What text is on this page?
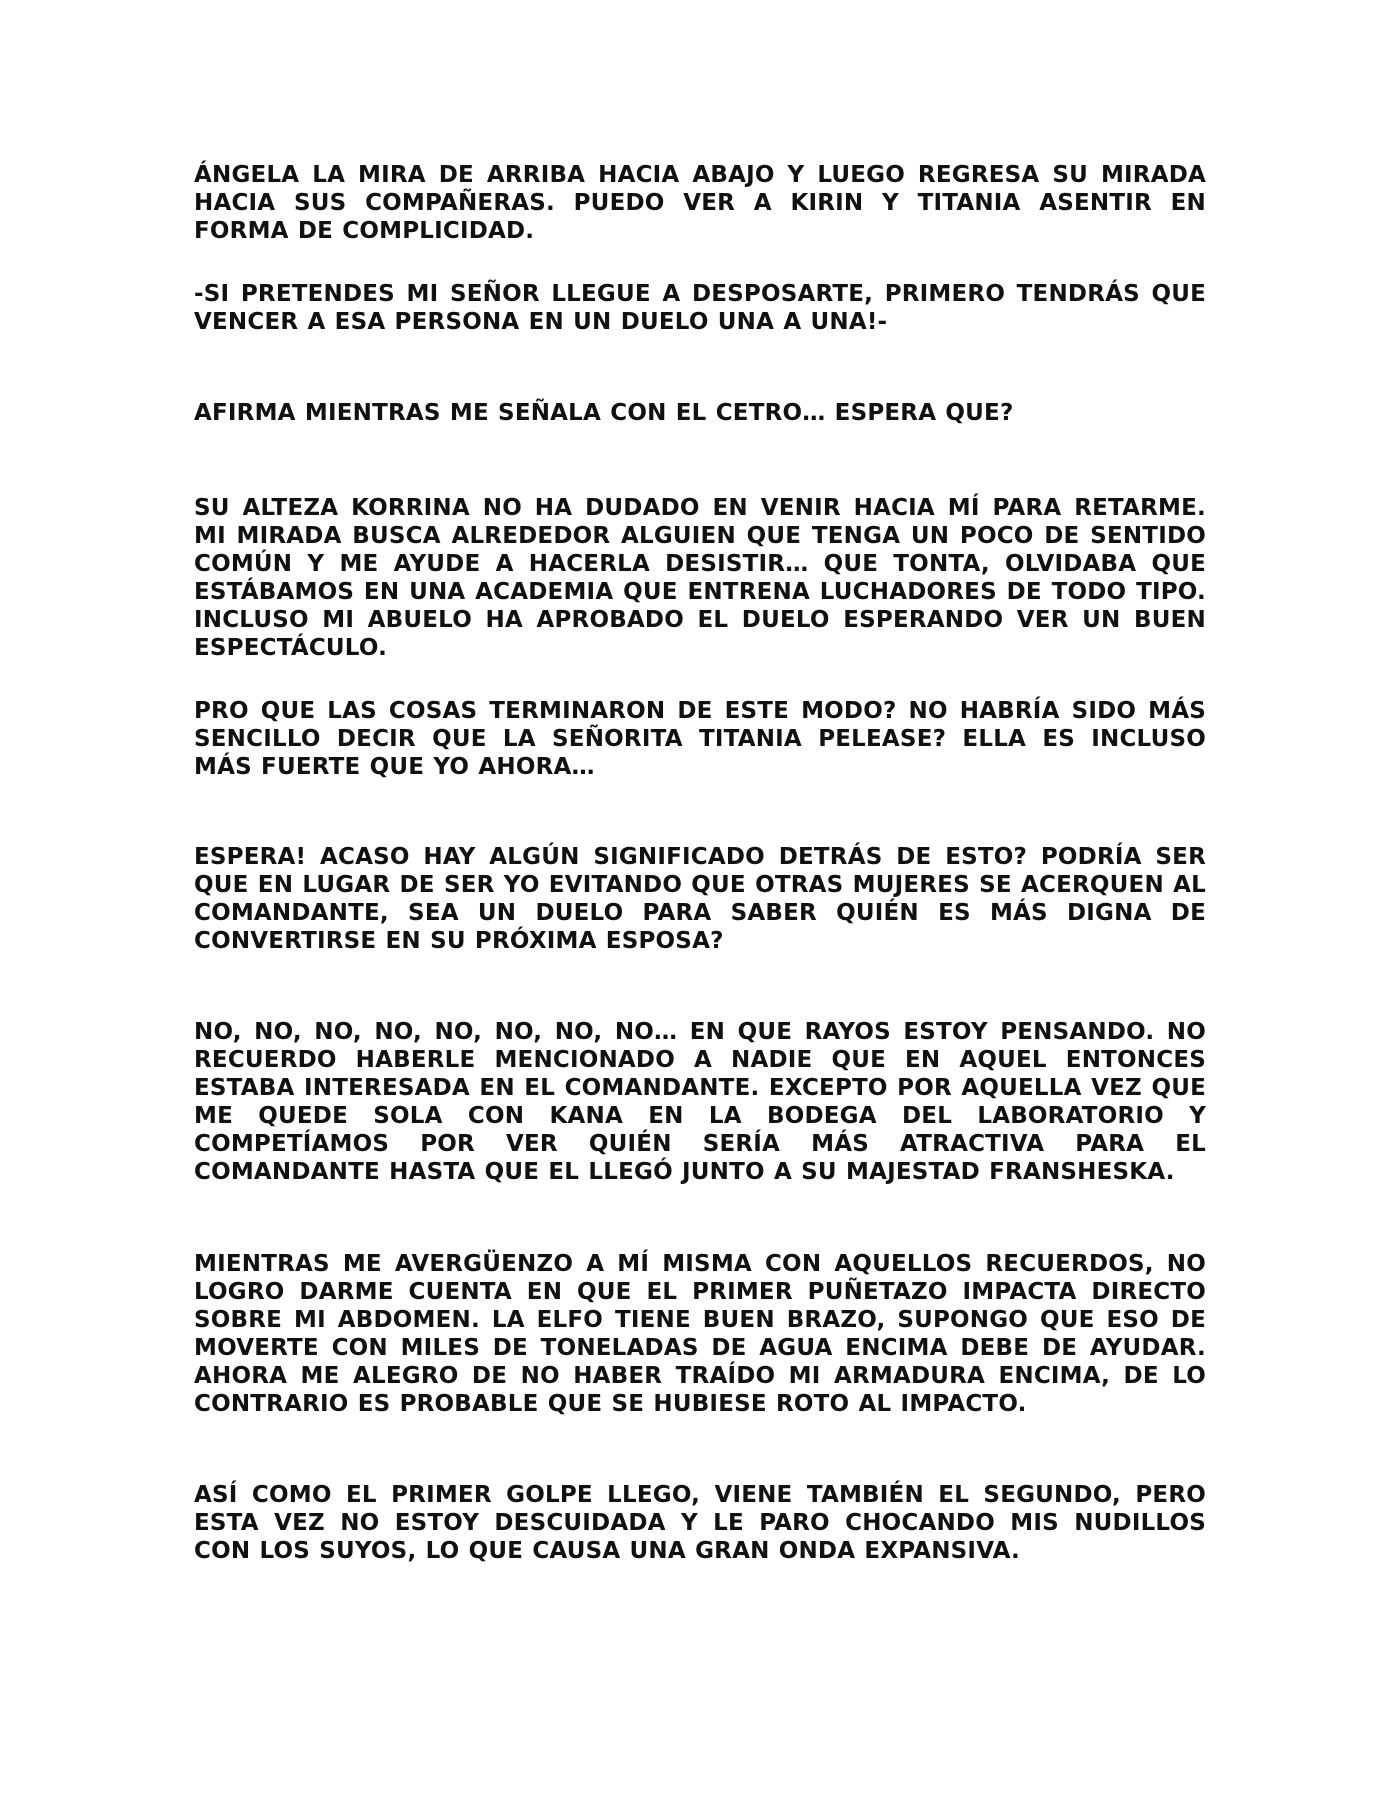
ÁNGELA LA MIRA DE ARRIBA HACIA ABAJO Y LUEGO REGRESA SU MIRADA HACIA SUS COMPAÑERAS. PUEDO VER A KIRIN Y TITANIA ASENTIR EN FORMA DE COMPLICIDAD.

-SI PRETENDES MI SEÑOR LLEGUE A DESPOSARTE, PRIMERO TENDRÁS QUE VENCER A ESA PERSONA EN UN DUELO UNA A UNA!-

AFIRMA MIENTRAS ME SEÑALA CON EL CETRO… ESPERA QUE?

SU ALTEZA KORRINA NO HA DUDADO EN VENIR HACIA MÍ PARA RETARME. MI MIRADA BUSCA ALREDEDOR ALGUIEN QUE TENGA UN POCO DE SENTIDO COMÚN Y ME AYUDE A HACERLA DESISTIR… QUE TONTA, OLVIDABA QUE ESTÁBAMOS EN UNA ACADEMIA QUE ENTRENA LUCHADORES DE TODO TIPO. INCLUSO MI ABUELO HA APROBADO EL DUELO ESPERANDO VER UN BUEN ESPECTÁCULO.

PRO QUE LAS COSAS TERMINARON DE ESTE MODO? NO HABRÍA SIDO MÁS SENCILLO DECIR QUE LA SEÑORITA TITANIA PELEASE? ELLA ES INCLUSO MÁS FUERTE QUE YO AHORA…

ESPERA! ACASO HAY ALGÚN SIGNIFICADO DETRÁS DE ESTO? PODRÍA SER QUE EN LUGAR DE SER YO EVITANDO QUE OTRAS MUJERES SE ACERQUEN AL COMANDANTE, SEA UN DUELO PARA SABER QUIÉN ES MÁS DIGNA DE CONVERTIRSE EN SU PRÓXIMA ESPOSA?

NO, NO, NO, NO, NO, NO, NO, NO… EN QUE RAYOS ESTOY PENSANDO. NO RECUERDO HABERLE MENCIONADO A NADIE QUE EN AQUEL ENTONCES ESTABA INTERESADA EN EL COMANDANTE. EXCEPTO POR AQUELLA VEZ QUE ME QUEDE SOLA CON KANA EN LA BODEGA DEL LABORATORIO Y COMPETÍAMOS POR VER QUIÉN SERÍA MÁS ATRACTIVA PARA EL COMANDANTE HASTA QUE EL LLEGÓ JUNTO A SU MAJESTAD FRANSHESKA.

MIENTRAS ME AVERGÜENZO A MÍ MISMA CON AQUELLOS RECUERDOS, NO LOGRO DARME CUENTA EN QUE EL PRIMER PUÑETAZO IMPACTA DIRECTO SOBRE MI ABDOMEN. LA ELFO TIENE BUEN BRAZO, SUPONGO QUE ESO DE MOVERTE CON MILES DE TONELADAS DE AGUA ENCIMA DEBE DE AYUDAR. AHORA ME ALEGRO DE NO HABER TRAÍDO MI ARMADURA ENCIMA, DE LO CONTRARIO ES PROBABLE QUE SE HUBIESE ROTO AL IMPACTO.

ASÍ COMO EL PRIMER GOLPE LLEGO, VIENE TAMBIÉN EL SEGUNDO, PERO ESTA VEZ NO ESTOY DESCUIDADA Y LE PARO CHOCANDO MIS NUDILLOS CON LOS SUYOS, LO QUE CAUSA UNA GRAN ONDA EXPANSIVA.
